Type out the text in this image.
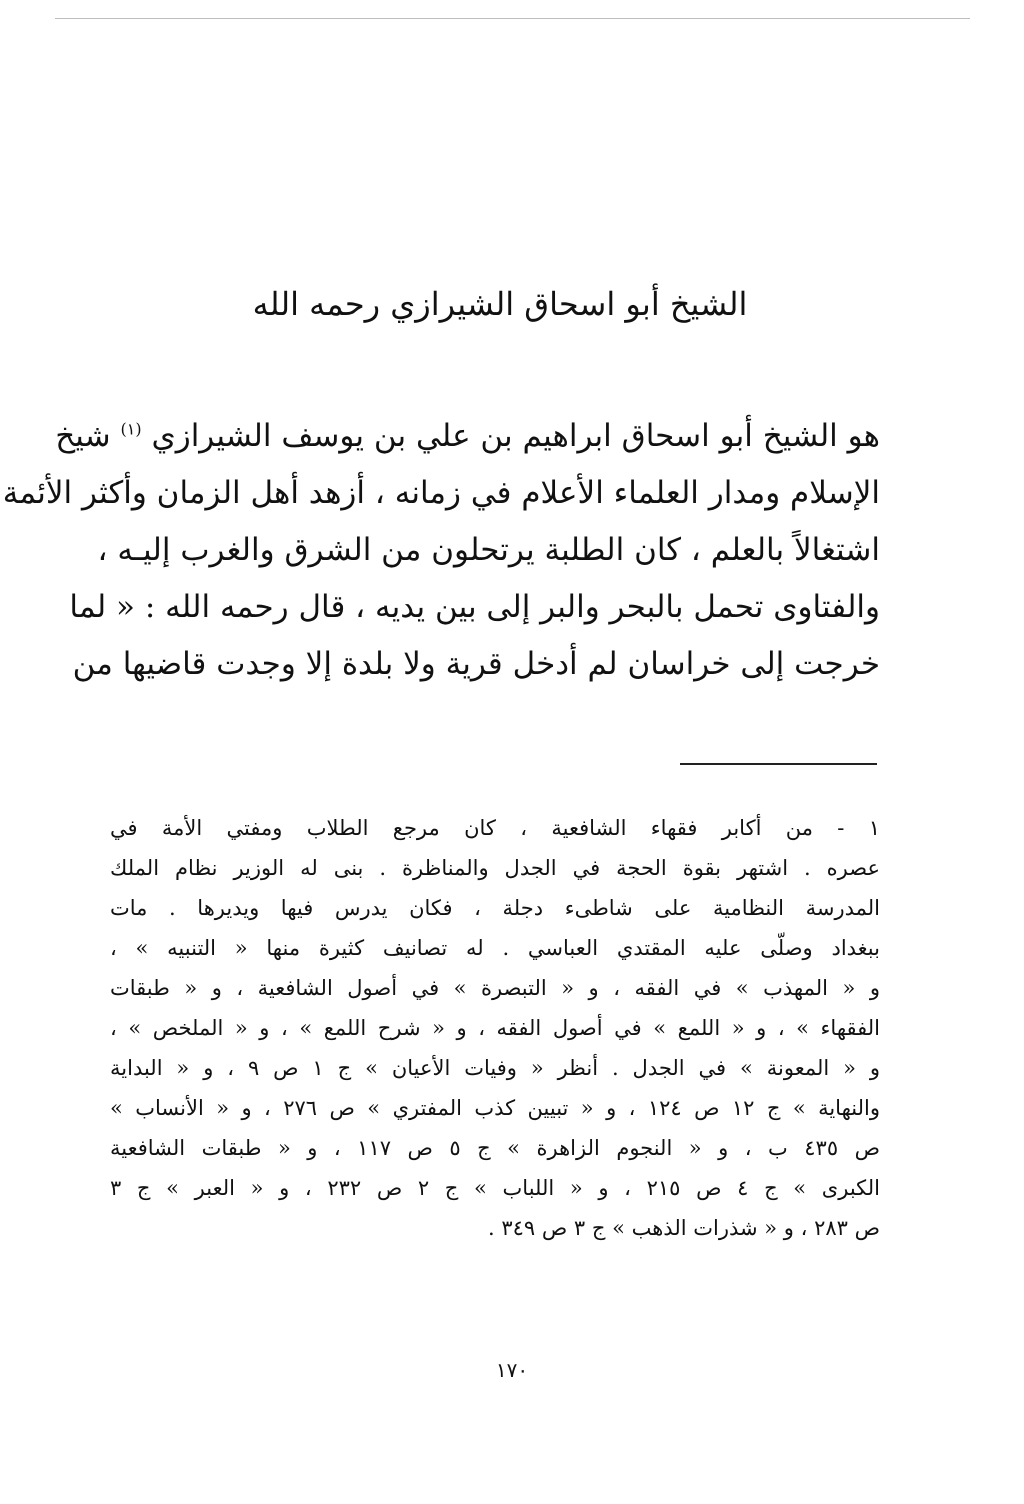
الشيخ أبو اسحاق الشيرازي رحمه الله
هو الشيخ أبو اسحاق ابراهيم بن علي بن يوسف الشيرازي $^{(١)}$ شيخ
الإسلام ومدار العلماء الأعلام في زمانه ، أزهد أهل الزمان وأكثر الأئمة
اشتغالاً بالعلم ، كان الطلبة يرتحلون من الشرق والغرب إليـه ،
والفتاوى تحمل بالبحر والبر إلى بين يديه ، قال رحمه الله : « لما
خرجت إلى خراسان لم أدخل قرية ولا بلدة إلا وجدت قاضيها من
١ - من أكابر فقهاء الشافعية ، كان مرجع الطلاب ومفتي الأمة في
عصره . اشتهر بقوة الحجة في الجدل والمناظرة . بنى له الوزير نظام الملك
المدرسة النظامية على شاطىء دجلة ، فكان يدرس فيها ويديرها . مات
ببغداد وصلّى عليه المقتدي العباسي . له تصانيف كثيرة منها « التنبيه » ،
و « المهذب » في الفقه ، و « التبصرة » في أصول الشافعية ، و « طبقات
الفقهاء » ، و « اللمع » في أصول الفقه ، و « شرح اللمع » ، و « الملخص » ،
و « المعونة » في الجدل . أنظر « وفيات الأعيان » ج ١ ص ٩ ، و « البداية
والنهاية » ج ١٢ ص ١٢٤ ، و « تبيين كذب المفتري » ص ٢٧٦ ، و « الأنساب »
ص ٤٣٥ ب ، و « النجوم الزاهرة » ج ٥ ص ١١٧ ، و « طبقات الشافعية
الكبرى » ج ٤ ص ٢١٥ ، و « اللباب » ج ٢ ص ٢٣٢ ، و « العبر » ج ٣
ص ٢٨٣ ، و « شذرات الذهب » ج ٣ ص ٣٤٩ .
١٧٠
